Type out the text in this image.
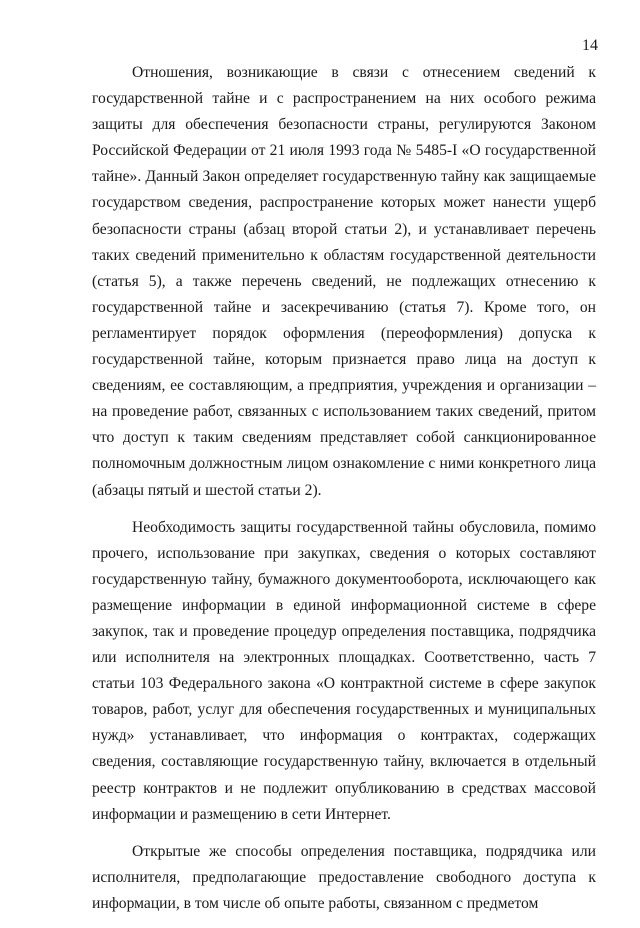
14

Отношения, возникающие в связи с отнесением сведений к государственной тайне и с распространением на них особого режима защиты для обеспечения безопасности страны, регулируются Законом Российской Федерации от 21 июля 1993 года № 5485-I «О государственной тайне». Данный Закон определяет государственную тайну как защищаемые государством сведения, распространение которых может нанести ущерб безопасности страны (абзац второй статьи 2), и устанавливает перечень таких сведений применительно к областям государственной деятельности (статья 5), а также перечень сведений, не подлежащих отнесению к государственной тайне и засекречиванию (статья 7). Кроме того, он регламентирует порядок оформления (переоформления) допуска к государственной тайне, которым признается право лица на доступ к сведениям, ее составляющим, а предприятия, учреждения и организации – на проведение работ, связанных с использованием таких сведений, притом что доступ к таким сведениям представляет собой санкционированное полномочным должностным лицом ознакомление с ними конкретного лица (абзацы пятый и шестой статьи 2).

Необходимость защиты государственной тайны обусловила, помимо прочего, использование при закупках, сведения о которых составляют государственную тайну, бумажного документооборота, исключающего как размещение информации в единой информационной системе в сфере закупок, так и проведение процедур определения поставщика, подрядчика или исполнителя на электронных площадках. Соответственно, часть 7 статьи 103 Федерального закона «О контрактной системе в сфере закупок товаров, работ, услуг для обеспечения государственных и муниципальных нужд» устанавливает, что информация о контрактах, содержащих сведения, составляющие государственную тайну, включается в отдельный реестр контрактов и не подлежит опубликованию в средствах массовой информации и размещению в сети Интернет.

Открытые же способы определения поставщика, подрядчика или исполнителя, предполагающие предоставление свободного доступа к информации, в том числе об опыте работы, связанном с предметом
